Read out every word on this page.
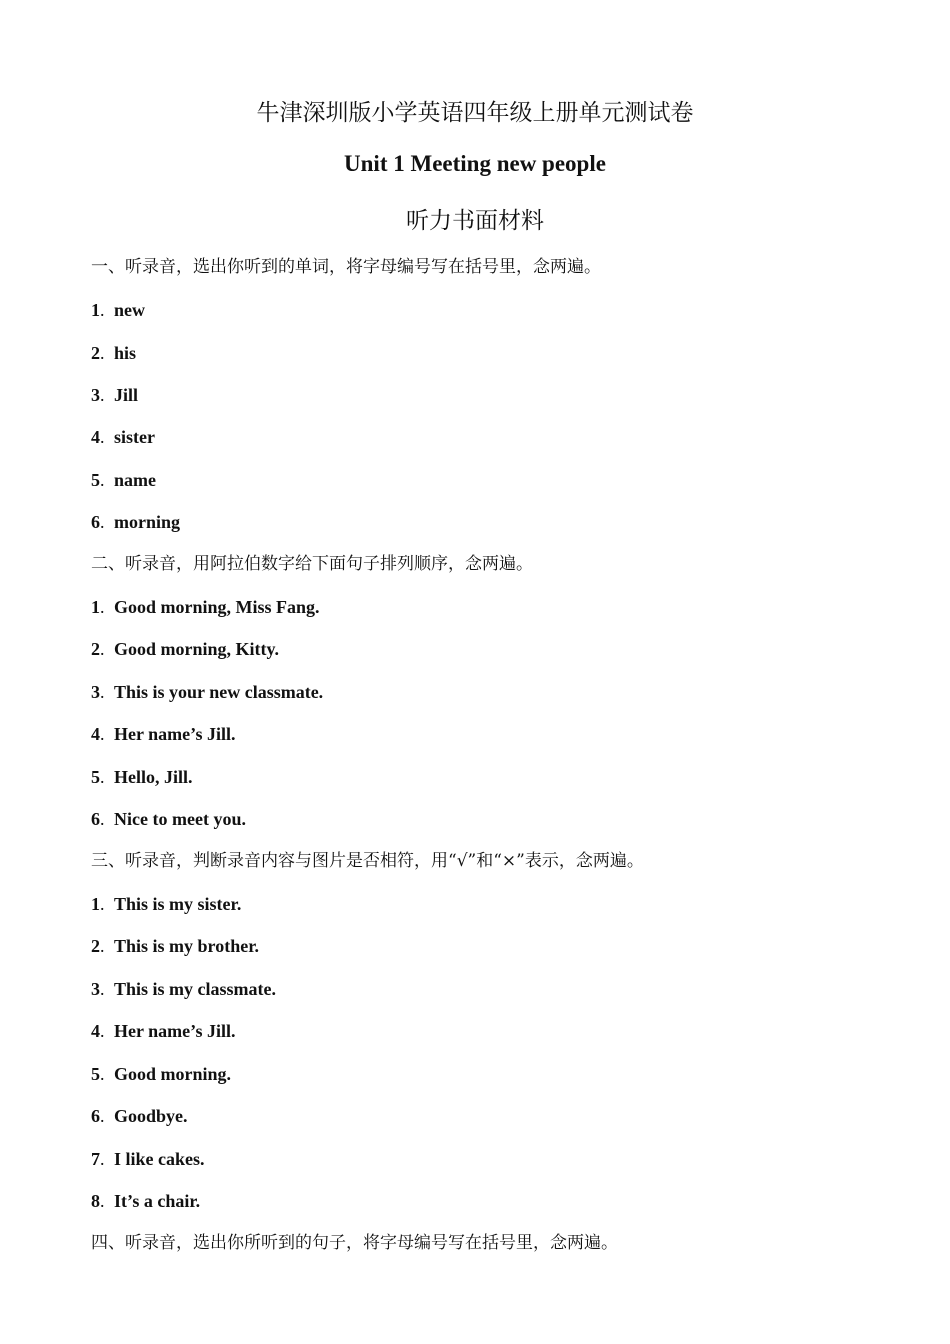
牛津深圳版小学英语四年级上册单元测试卷
Unit 1 Meeting new people
听力书面材料
一、听录音，选出你听到的单词，将字母编号写在括号里，念两遍。
1. new
2. his
3. Jill
4. sister
5. name
6. morning
二、听录音，用阿拉伯数字给下面句子排列顺序，念两遍。
1. Good morning, Miss Fang.
2. Good morning, Kitty.
3. This is your new classmate.
4. Her name’s Jill.
5. Hello, Jill.
6. Nice to meet you.
三、听录音，判断录音内容与图片是否相符，用“√”和“×”表示，念两遍。
1. This is my sister.
2. This is my brother.
3. This is my classmate.
4. Her name’s Jill.
5. Good morning.
6. Goodbye.
7. I like cakes.
8. It’s a chair.
四、听录音，选出你所听到的句子，将字母编号写在括号里，念两遍。
